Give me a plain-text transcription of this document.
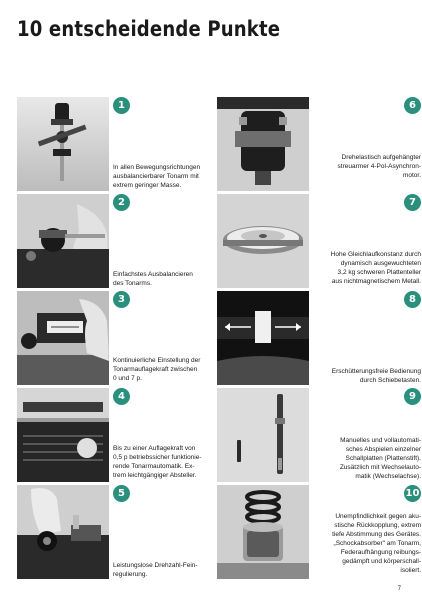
10 entscheidende Punkte
1
In allen Bewegungsrichtungen
ausbalancierbarer Tonarm mit
extrem geringer Masse.
2
Einfachstes Ausbalancieren
des Tonarms.
3
Kontinuierliche Einstellung der
Tonarmauflagekraft zwischen
0 und 7 p.
4
Bis zu einer Auflagekraft von
0,5 p betriebssicher funktionie-
rende Tonarmautomatik. Ex-
trem leichtgängiger Absteller.
5
Leistungslose Drehzahl-Fein-
regulierung.
6
Drehelastisch aufgehängter
streuarmer 4-Pol-Asynchron-
motor.
7
Hohe Gleichlaufkonstanz durch
dynamisch ausgewuchteten
3,2 kg schweren Plattenteller
aus nichtmagnetischem Metall.
8
Erschütterungsfreie Bedienung
durch Schiebetasten.
9
Manuelles und vollautomati-
sches Abspielen einzelner
Schallplatten (Plattenstift).
Zusätzlich mit Wechselauto-
matik (Wechselachse).
10
Unempfindlichkeit gegen aku-
stische Rückkopplung, extrem
tiefe Abstimmung des Gerätes.
„Schockabsorber" am Tonarm,
Federaufhängung reibungs-
gedämpft und körperschall-
isoliert.
7
